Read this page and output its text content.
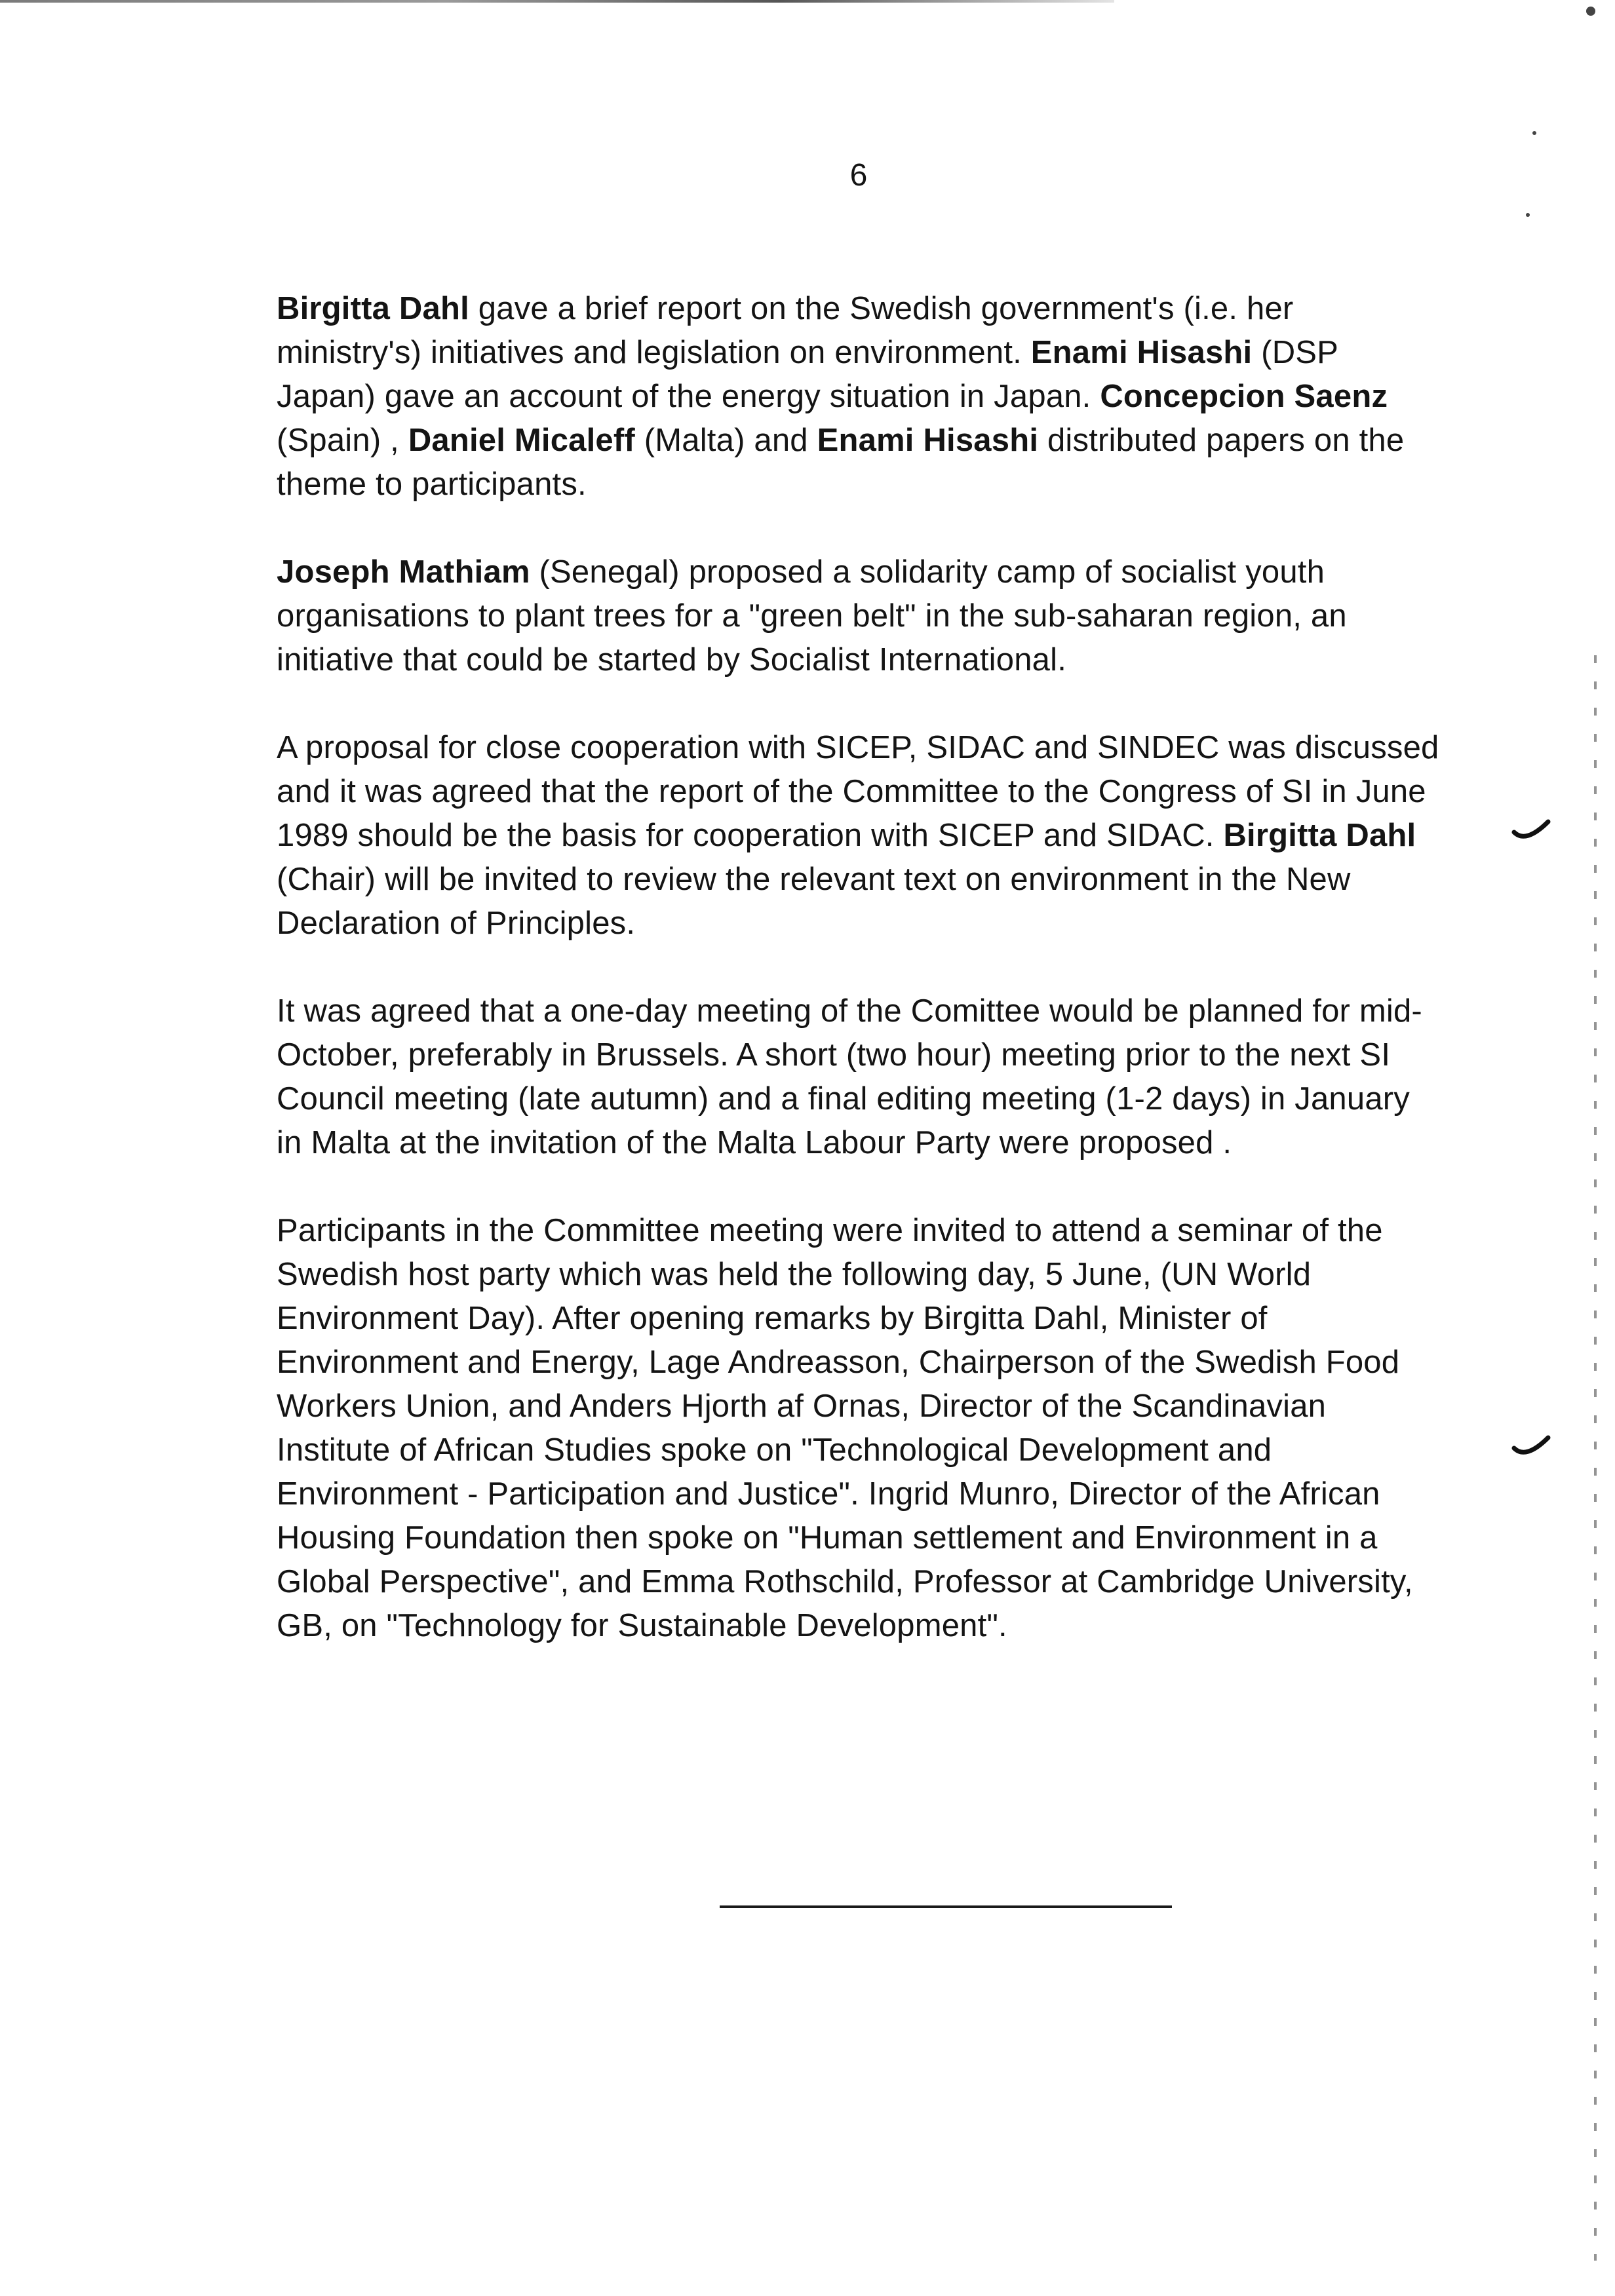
6

Birgitta Dahl gave a brief report on the Swedish government's (i.e. her ministry's) initiatives and legislation on environment. Enami Hisashi (DSP Japan) gave an account of the energy situation in Japan. Concepcion Saenz (Spain) , Daniel Micaleff (Malta) and Enami Hisashi distributed papers on the theme to participants.

Joseph Mathiam (Senegal) proposed a solidarity camp of socialist youth organisations to plant trees for a "green belt" in the sub-saharan region, an initiative that could be started by Socialist International.

A proposal for close cooperation with SICEP, SIDAC and SINDEC was discussed and it was agreed that the report of the Committee to the Congress of SI in June 1989 should be the basis for cooperation with SICEP and SIDAC. Birgitta Dahl (Chair) will be invited to review the relevant text on environment in the New Declaration of Principles.

It was agreed that a one-day meeting of the Comittee would be planned for mid-October, preferably in Brussels. A short (two hour) meeting prior to the next SI Council meeting (late autumn) and a final editing meeting (1-2 days) in January in Malta at the invitation of the Malta Labour Party were proposed .

Participants in the Committee meeting were invited to attend a seminar of the Swedish host party which was held the following day, 5 June, (UN World Environment Day). After opening remarks by Birgitta Dahl, Minister of Environment and Energy, Lage Andreasson, Chairperson of the Swedish Food Workers Union, and Anders Hjorth af Ornas, Director of the Scandinavian Institute of African Studies spoke on "Technological Development and Environment - Participation and Justice". Ingrid Munro, Director of the African Housing Foundation then spoke on "Human settlement and Environment in a Global Perspective", and Emma Rothschild, Professor at Cambridge University, GB, on "Technology for Sustainable Development".
